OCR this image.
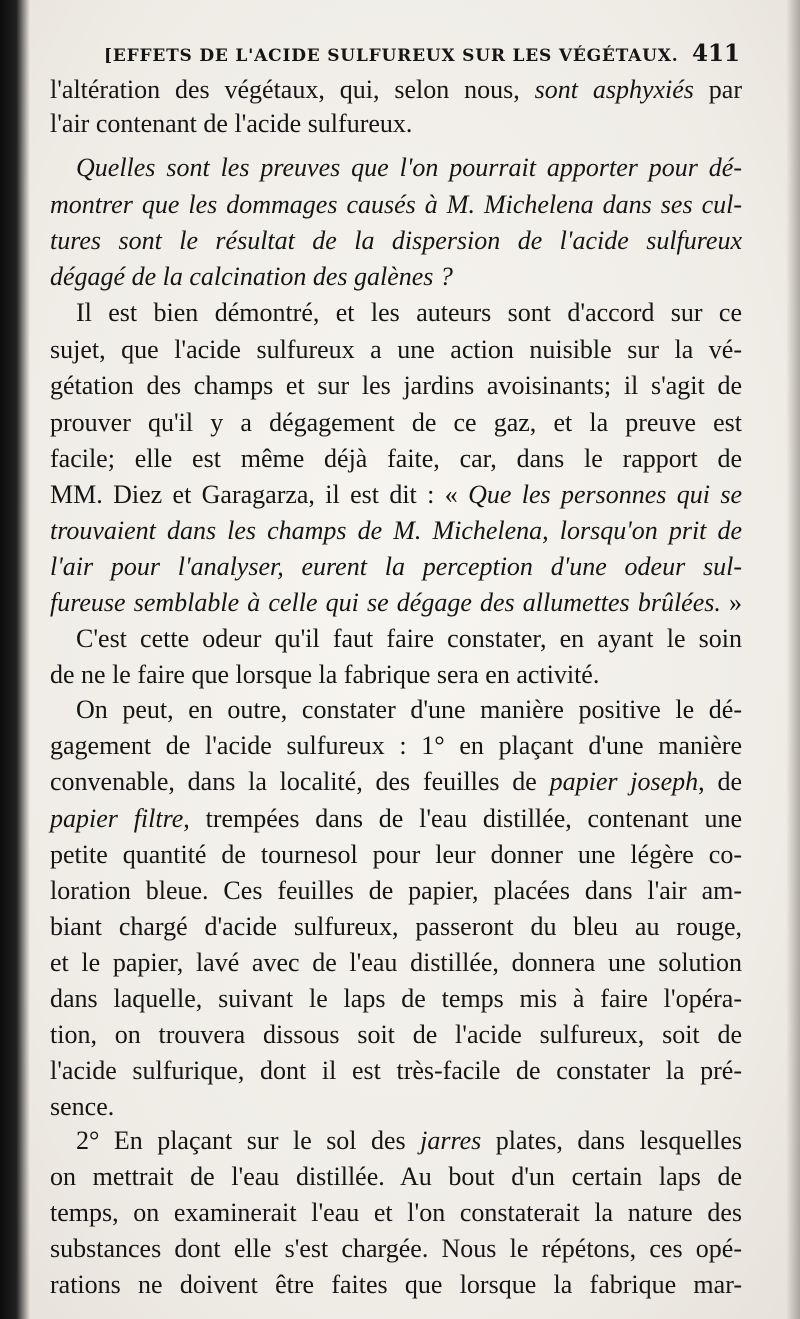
[EFFETS DE L'ACIDE SULFUREUX SUR LES VÉGÉTAUX. 411
l'altération des végétaux, qui, selon nous, sont asphyxiés par
l'air contenant de l'acide sulfureux.
Quelles sont les preuves que l'on pourrait apporter pour dé-
montrer que les dommages causés à M. Michelena dans ses cul-
tures sont le résultat de la dispersion de l'acide sulfureux
dégagé de la calcination des galènes ?
Il est bien démontré, et les auteurs sont d'accord sur ce
sujet, que l'acide sulfureux a une action nuisible sur la vé-
gétation des champs et sur les jardins avoisinants; il s'agit de
prouver qu'il y a dégagement de ce gaz, et la preuve est
facile; elle est même déjà faite, car, dans le rapport de
MM. Diez et Garagarza, il est dit : « Que les personnes qui se
trouvaient dans les champs de M. Michelena, lorsqu'on prit de
l'air pour l'analyser, eurent la perception d'une odeur sul-
fureuse semblable à celle qui se dégage des allumettes brûlées. »
C'est cette odeur qu'il faut faire constater, en ayant le soin
de ne le faire que lorsque la fabrique sera en activité.
On peut, en outre, constater d'une manière positive le dé-
gagement de l'acide sulfureux : 1° en plaçant d'une manière
convenable, dans la localité, des feuilles de papier joseph, de
papier filtre, trempées dans de l'eau distillée, contenant une
petite quantité de tournesol pour leur donner une légère co-
loration bleue. Ces feuilles de papier, placées dans l'air am-
biant chargé d'acide sulfureux, passeront du bleu au rouge,
et le papier, lavé avec de l'eau distillée, donnera une solution
dans laquelle, suivant le laps de temps mis à faire l'opéra-
tion, on trouvera dissous soit de l'acide sulfureux, soit de
l'acide sulfurique, dont il est très-facile de constater la pré-
sence.
2° En plaçant sur le sol des jarres plates, dans lesquelles
on mettrait de l'eau distillée. Au bout d'un certain laps de
temps, on examinerait l'eau et l'on constaterait la nature des
substances dont elle s'est chargée. Nous le répétons, ces opé-
rations ne doivent être faites que lorsque la fabrique mar-
